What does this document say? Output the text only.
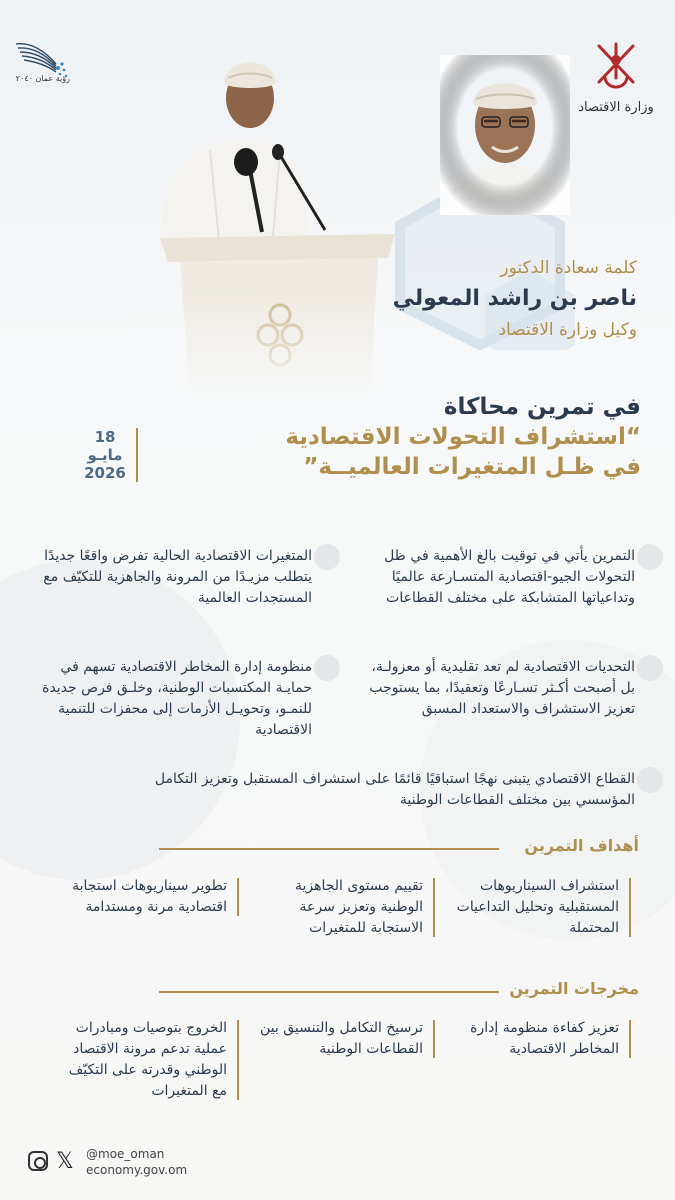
رؤية عمان ٢٠٤٠
وزارة الاقتصاد
كلمة سعادة الدكتور
ناصر بن راشد المعولي
وكيل وزارة الاقتصاد
في تمرين محاكاة
“استشراف التحولات الاقتصادية
في ظـل المتغيرات العالميــة”
18
مايـو
2026
التمرين يأتي في توقيت بالغ الأهمية في ظل التحولات الجيو-اقتصادية المتسـارعة عالميًا وتداعياتها المتشابكة على مختلف القطاعات
المتغيرات الاقتصادية الحالية تفرض واقعًا جديدًا يتطلب مزيـدًا من المرونة والجاهزية للتكيّف مع المستجدات العالمية
التحديات الاقتصادية لم تعد تقليدية أو معزولـة، بل أصبحت أكـثر تسـارعًا وتعقيدًا، بما يستوجب تعزيز الاستشراف والاستعداد المسبق
منظومة إدارة المخاطر الاقتصادية تسهم في حمايـة المكتسبات الوطنية، وخلـق فرص جديدة للنمـو، وتحويـل الأزمات إلى محفزات للتنمية الاقتصادية
القطاع الاقتصادي يتبنى نهجًا استباقيًا قائمًا على استشراف المستقبل وتعزيز التكامل المؤسسي بين مختلف القطاعات الوطنية
أهداف التمرين
استشراف السيناريوهات المستقبلية وتحليل التداعيات المحتملة
تقييم مستوى الجاهزية الوطنية وتعزيز سرعة الاستجابة للمتغيرات
تطوير سيناريوهات استجابة اقتصادية مرنة ومستدامة
مخرجات التمرين
تعزيز كفاءة منظومة إدارة المخاطر الاقتصادية
ترسيخ التكامل والتنسيق بين القطاعات الوطنية
الخروج بتوصيات ومبادرات عملية تدعم مرونة الاقتصاد الوطني وقدرته على التكيّف مع المتغيرات
𝕏 @moe_oman
economy.gov.om
